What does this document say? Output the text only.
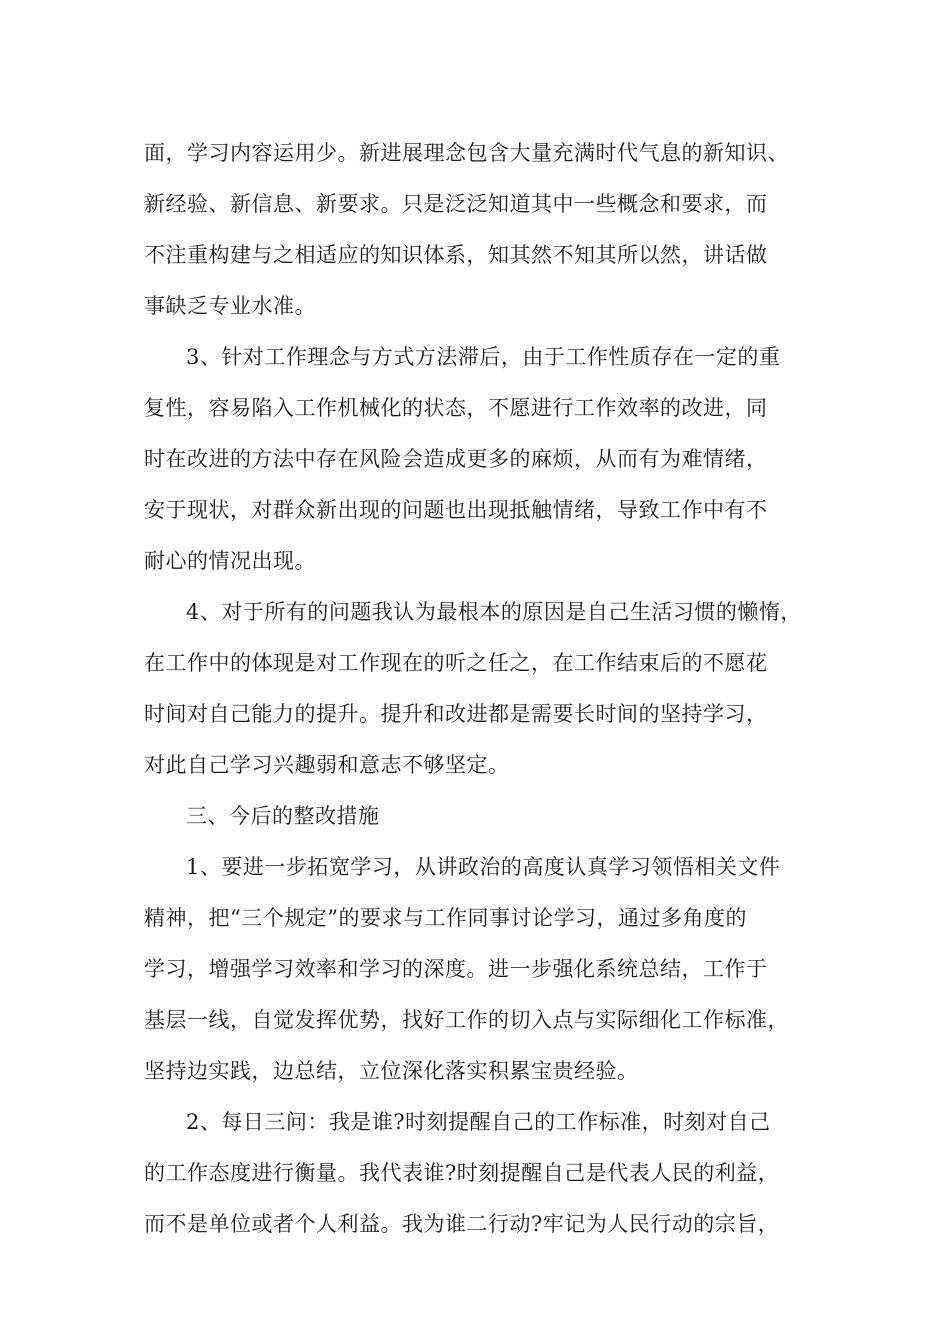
面，学习内容运用少。新进展理念包含大量充满时代气息的新知识、
新经验、新信息、新要求。只是泛泛知道其中一些概念和要求，而
不注重构建与之相适应的知识体系，知其然不知其所以然，讲话做
事缺乏专业水准。
3、针对工作理念与方式方法滞后，由于工作性质存在一定的重
复性，容易陷入工作机械化的状态，不愿进行工作效率的改进，同
时在改进的方法中存在风险会造成更多的麻烦，从而有为难情绪，
安于现状，对群众新出现的问题也出现抵触情绪，导致工作中有不
耐心的情况出现。
4、对于所有的问题我认为最根本的原因是自己生活习惯的懒惰，
在工作中的体现是对工作现在的听之任之，在工作结束后的不愿花
时间对自己能力的提升。提升和改进都是需要长时间的坚持学习，
对此自己学习兴趣弱和意志不够坚定。
三、今后的整改措施
1、要进一步拓宽学习，从讲政治的高度认真学习领悟相关文件
精神，把“三个规定”的要求与工作同事讨论学习，通过多角度的
学习，增强学习效率和学习的深度。进一步强化系统总结，工作于
基层一线，自觉发挥优势，找好工作的切入点与实际细化工作标准，
坚持边实践，边总结，立位深化落实积累宝贵经验。
2、每日三问：我是谁?时刻提醒自己的工作标准，时刻对自己
的工作态度进行衡量。我代表谁?时刻提醒自己是代表人民的利益，
而不是单位或者个人利益。我为谁二行动?牢记为人民行动的宗旨，
